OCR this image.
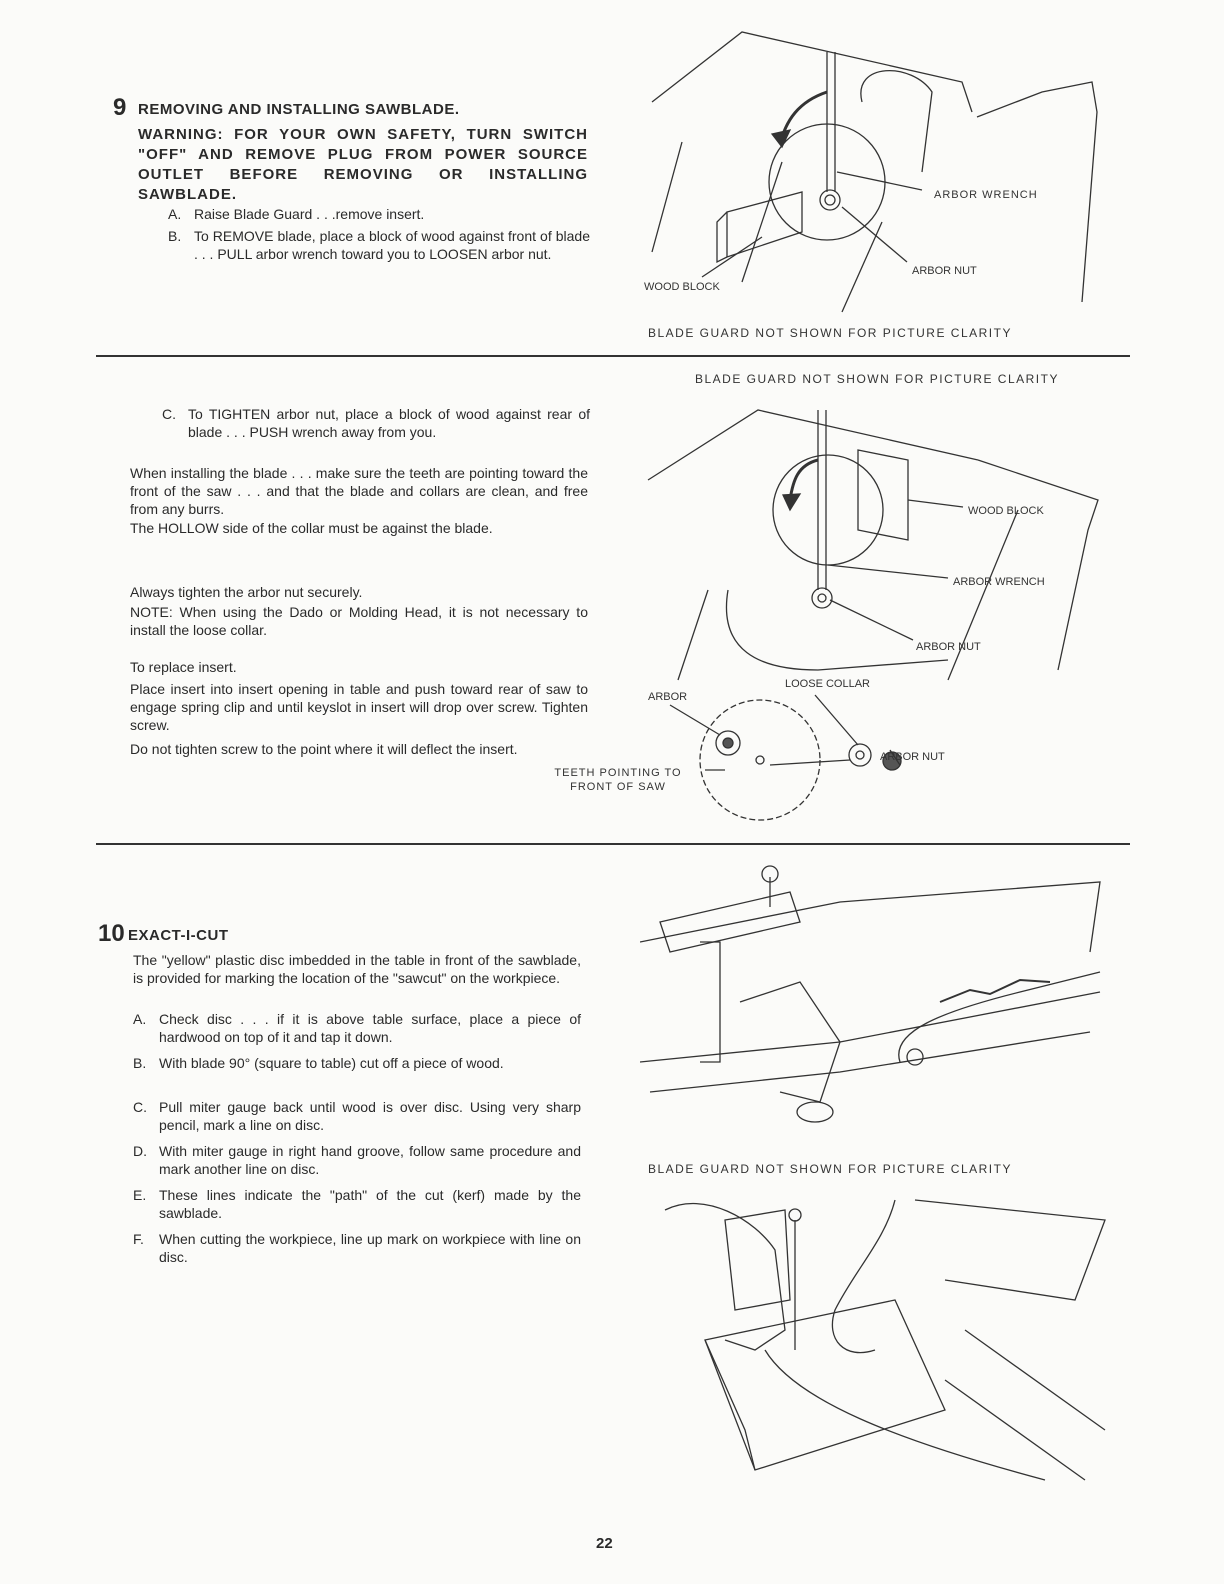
9 REMOVING AND INSTALLING SAWBLADE.
WARNING: FOR YOUR OWN SAFETY, TURN SWITCH "OFF" AND REMOVE PLUG FROM POWER SOURCE OUTLET BEFORE REMOVING OR INSTALLING SAWBLADE.
A. Raise Blade Guard . . .remove insert.
B. To REMOVE blade, place a block of wood against front of blade . . . PULL arbor wrench toward you to LOOSEN arbor nut.
ARBOR WRENCH
ARBOR NUT
WOOD BLOCK
BLADE GUARD NOT SHOWN FOR PICTURE CLARITY
BLADE GUARD NOT SHOWN FOR PICTURE CLARITY
C. To TIGHTEN arbor nut, place a block of wood against rear of blade . . . PUSH wrench away from you.
When installing the blade . . . make sure the teeth are pointing toward the front of the saw . . . and that the blade and collars are clean, and free from any burrs.
The HOLLOW side of the collar must be against the blade.
Always tighten the arbor nut securely.
NOTE: When using the Dado or Molding Head, it is not necessary to install the loose collar.
To replace insert.
Place insert into insert opening in table and push toward rear of saw to engage spring clip and until keyslot in insert will drop over screw. Tighten screw.
Do not tighten screw to the point where it will deflect the insert.
WOOD BLOCK
ARBOR WRENCH
ARBOR NUT
LOOSE COLLAR
ARBOR
ARBOR NUT
TEETH POINTING TO FRONT OF SAW
10 EXACT-I-CUT
The "yellow" plastic disc imbedded in the table in front of the sawblade, is provided for marking the location of the "sawcut" on the workpiece.
A. Check disc . . . if it is above table surface, place a piece of hardwood on top of it and tap it down.
B. With blade 90° (square to table) cut off a piece of wood.
C. Pull miter gauge back until wood is over disc. Using very sharp pencil, mark a line on disc.
D. With miter gauge in right hand groove, follow same procedure and mark another line on disc.
E. These lines indicate the "path" of the cut (kerf) made by the sawblade.
F. When cutting the workpiece, line up mark on workpiece with line on disc.
BLADE GUARD NOT SHOWN FOR PICTURE CLARITY
22
